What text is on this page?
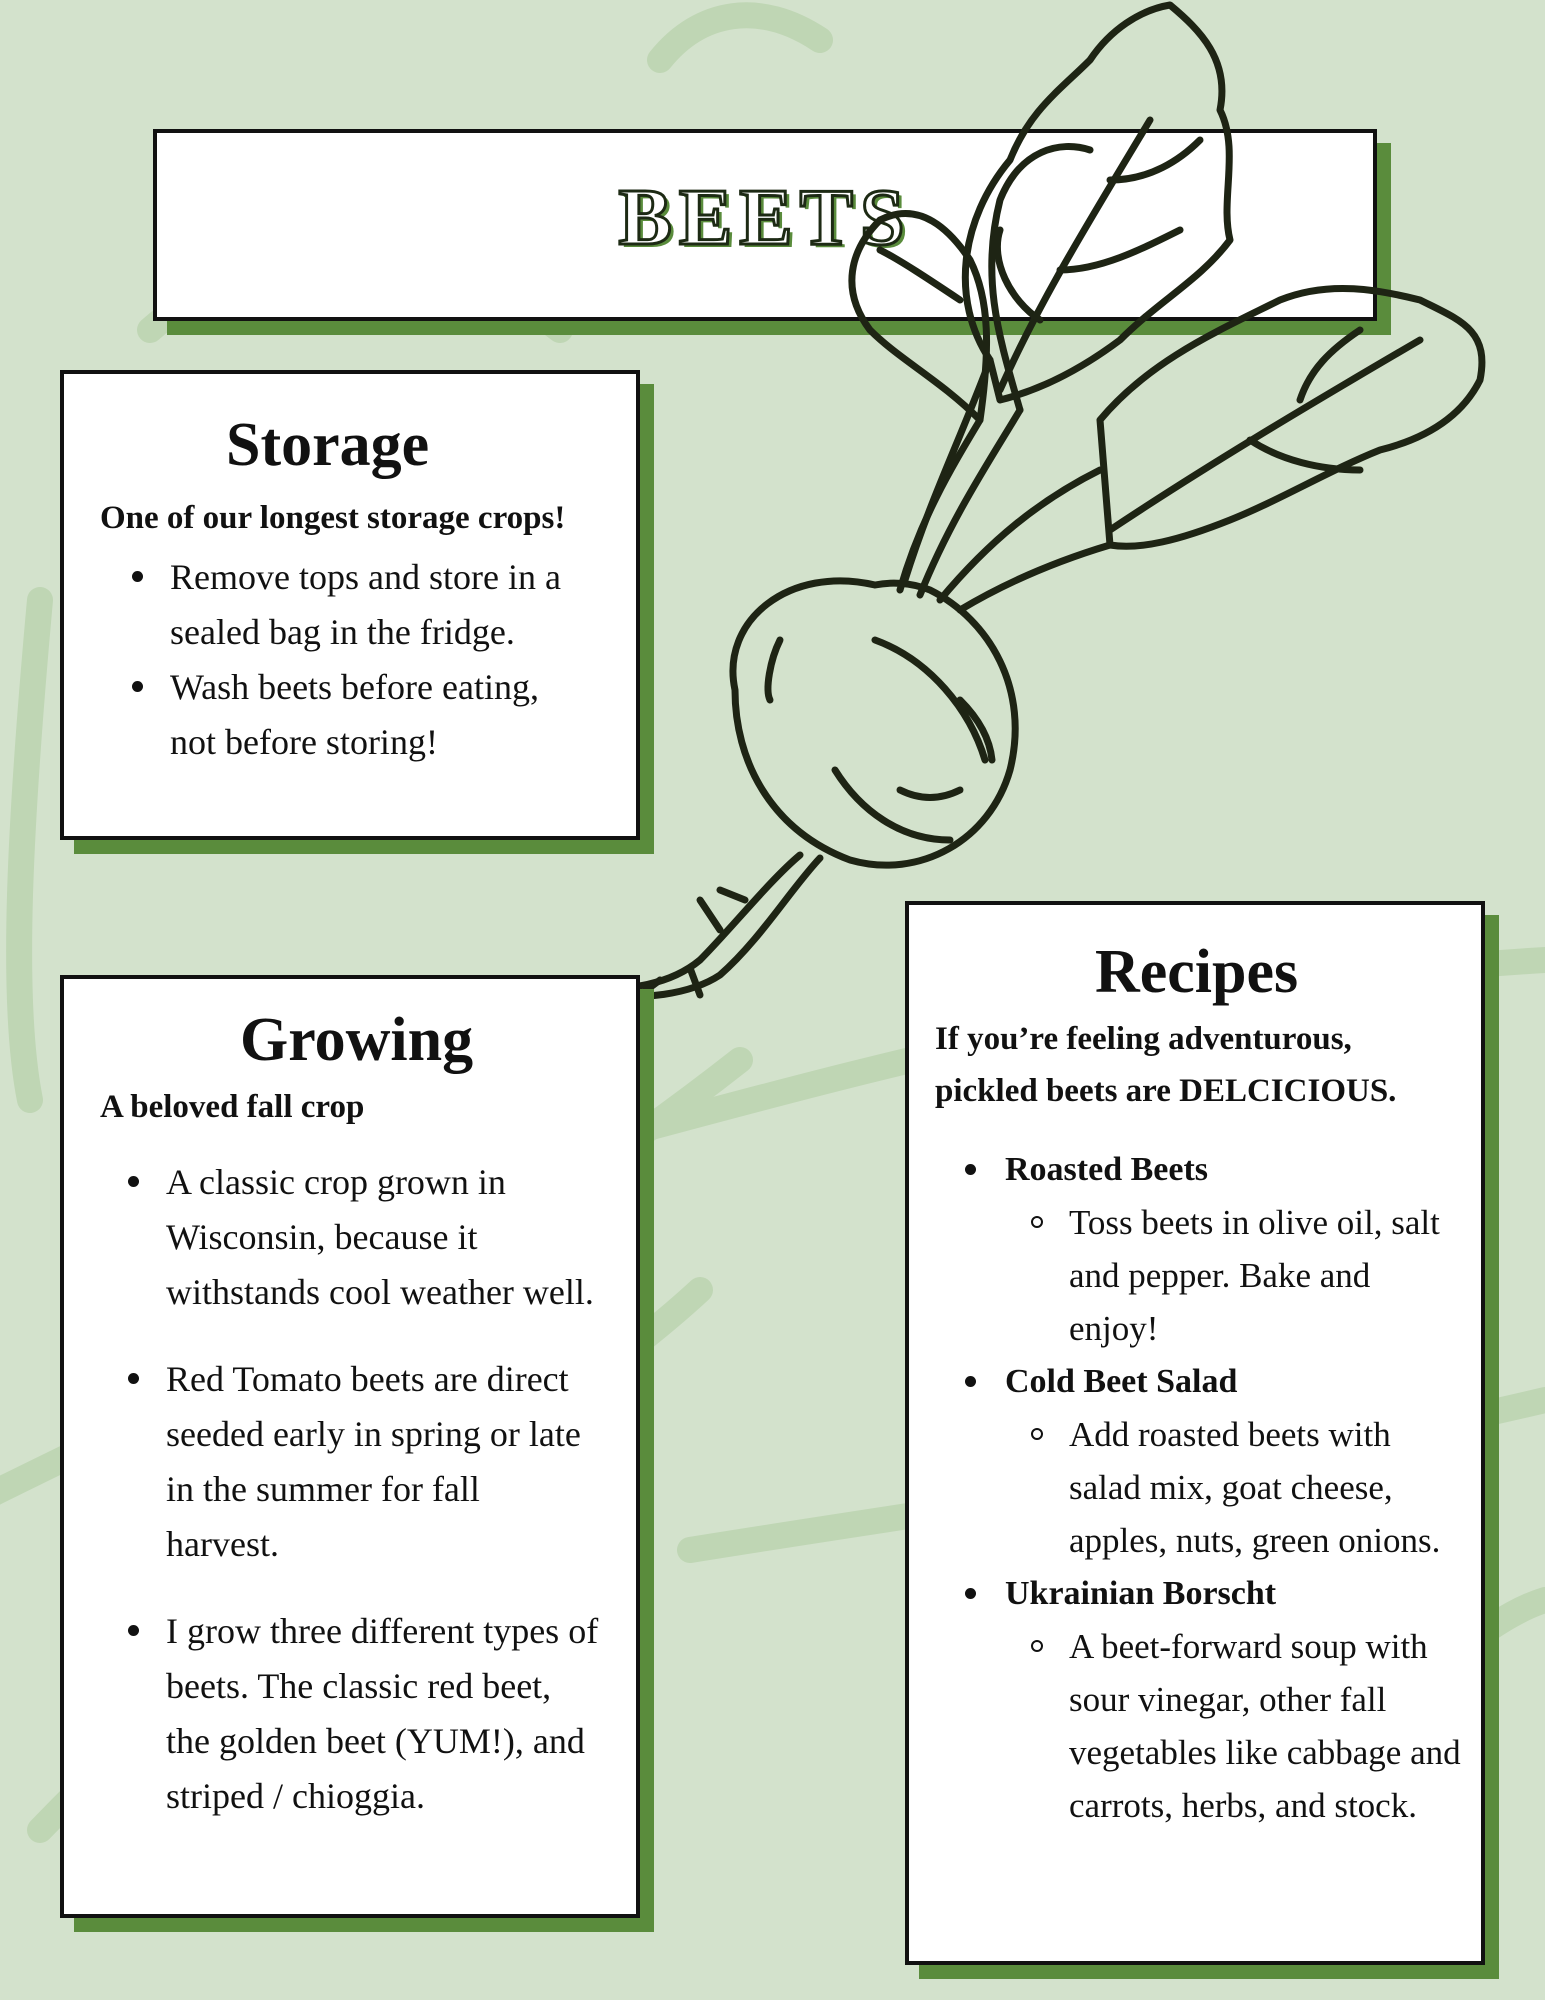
BEETS
Storage
One of our longest storage crops!
Remove tops and store in a sealed bag in the fridge.
Wash beets before eating, not before storing!
Growing
A beloved fall crop
A classic crop grown in Wisconsin, because it withstands cool weather well.
Red Tomato beets are direct seeded early in spring or late in the summer for fall harvest.
I grow three different types of beets. The classic red beet, the golden beet (YUM!), and striped / chioggia.
Recipes
If you’re feeling adventurous,
pickled beets are DELCICIOUS.
Roasted Beets
Toss beets in olive oil, salt and pepper. Bake and enjoy!
Cold Beet Salad
Add roasted beets with salad mix, goat cheese, apples, nuts, green onions.
Ukrainian Borscht
A beet-forward soup with sour vinegar, other fall vegetables like cabbage and carrots, herbs, and stock.
